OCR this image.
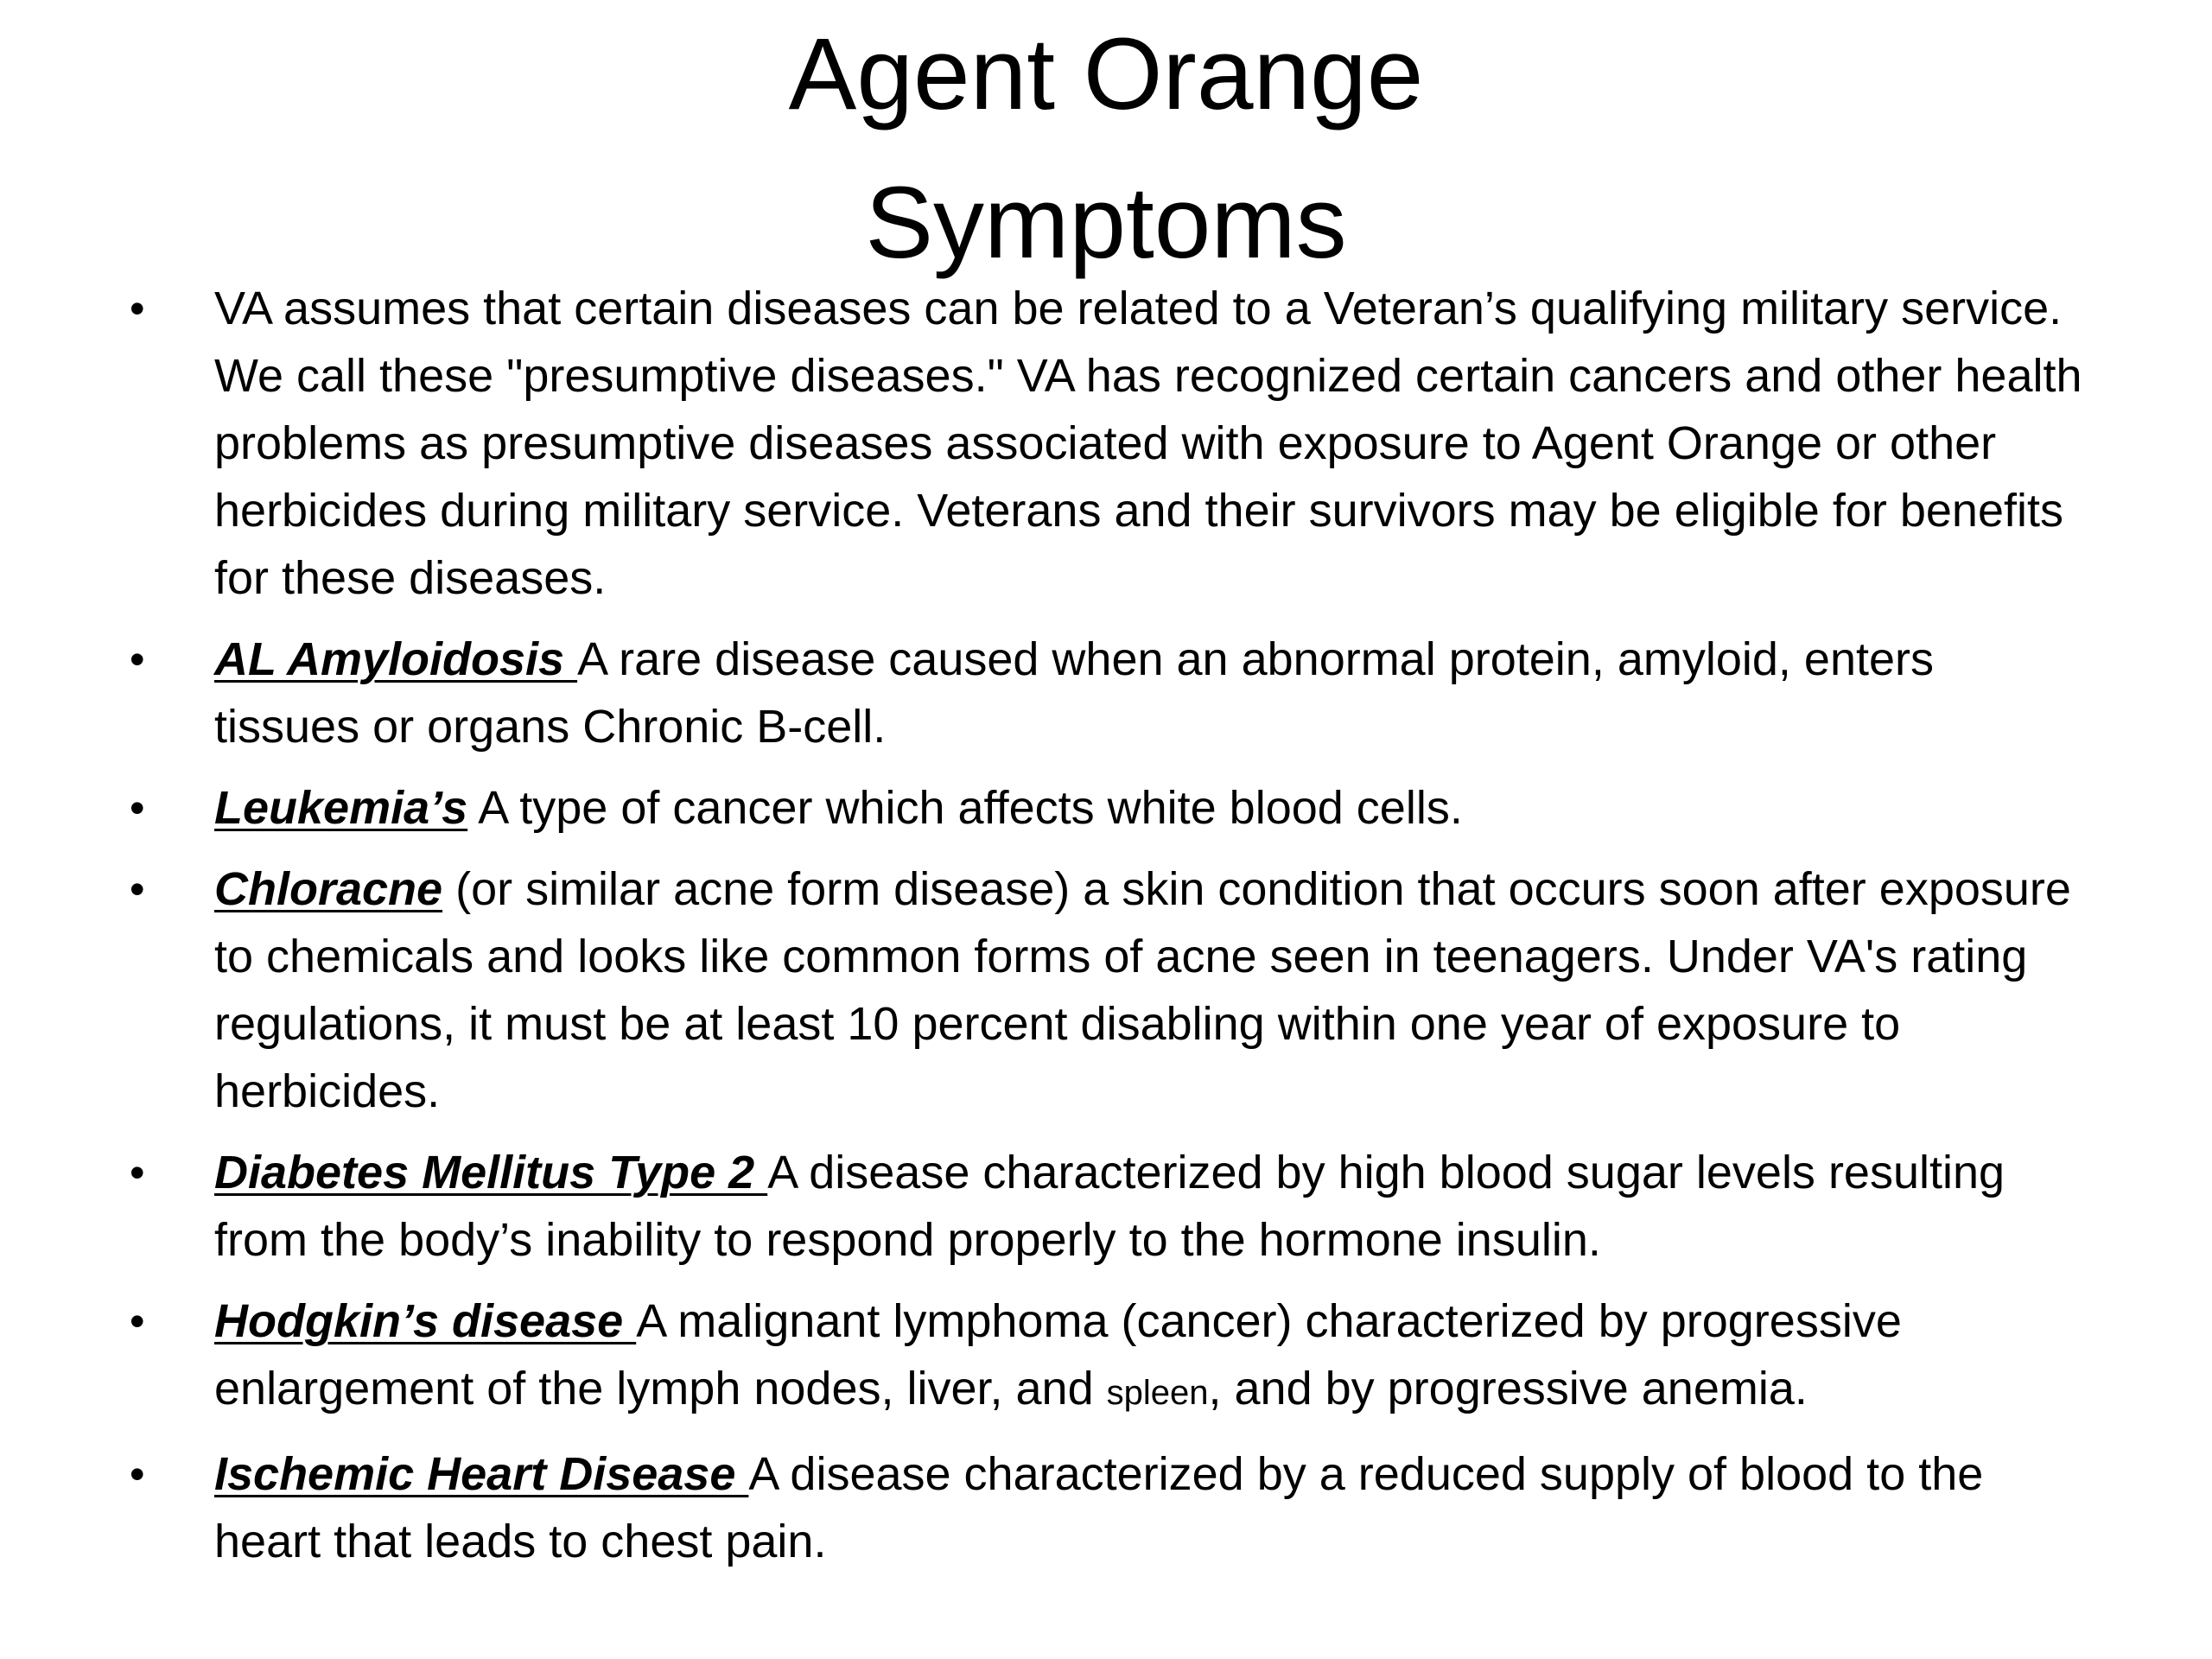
Agent Orange
Symptoms
•	VA assumes that certain diseases can be related to a Veteran’s qualifying military service. We call these "presumptive diseases." VA has recognized certain cancers and other health problems as presumptive diseases associated with exposure to Agent Orange or other herbicides during military service. Veterans and their survivors may be eligible for benefits for these diseases.
•	AL Amyloidosis A rare disease caused when an abnormal protein, amyloid, enters tissues or organs Chronic B-cell.
•	Leukemia’s A type of cancer which affects white blood cells.
•	Chloracne (or similar acne form disease) a skin condition that occurs soon after exposure to chemicals and looks like common forms of acne seen in teenagers. Under VA's rating regulations, it must be at least 10 percent disabling within one year of exposure to herbicides.
•	Diabetes Mellitus Type 2 A disease characterized by high blood sugar levels resulting from the body’s inability to respond properly to the hormone insulin.
•	Hodgkin’s disease A malignant lymphoma (cancer) characterized by progressive enlargement of the lymph nodes, liver, and spleen, and by progressive anemia.
•	Ischemic Heart Disease A disease characterized by a reduced supply of blood to the heart that leads to chest pain.
